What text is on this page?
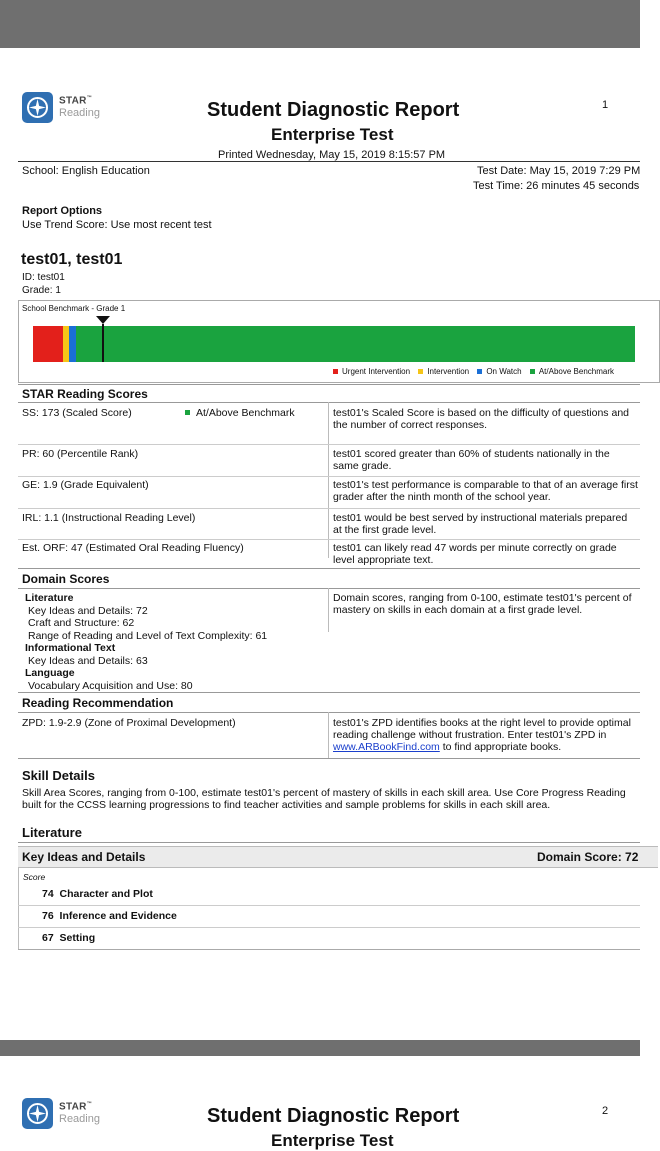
STAR™
Reading	Student Diagnostic Report
Enterprise Test
1
Printed Wednesday, May 15, 2019 8:15:57 PM
School: English Education	Test Date: May 15, 2019 7:29 PM
Test Time: 26 minutes 45 seconds
Report Options
Use Trend Score: Use most recent test
test01, test01
ID: test01
Grade: 1
School Benchmark - Grade 1
Urgent Intervention Intervention On Watch At/Above Benchmark
STAR Reading Scores
SS: 173 (Scaled Score)	At/Above Benchmark	test01's Scaled Score is based on the difficulty of questions and the number of correct responses.
PR: 60 (Percentile Rank)	test01 scored greater than 60% of students nationally in the same grade.
GE: 1.9 (Grade Equivalent)	test01's test performance is comparable to that of an average first grader after the ninth month of the school year.
IRL: 1.1 (Instructional Reading Level)	test01 would be best served by instructional materials prepared at the first grade level.
Est. ORF: 47 (Estimated Oral Reading Fluency)	test01 can likely read 47 words per minute correctly on grade level appropriate text.
Domain Scores
Domain scores, ranging from 0-100, estimate test01's percent of mastery on skills in each domain at a first grade level.
Literature
Key Ideas and Details: 72
Craft and Structure: 62
Range of Reading and Level of Text Complexity: 61
Informational Text
Key Ideas and Details: 63
Language
Vocabulary Acquisition and Use: 80
Reading Recommendation
ZPD: 1.9-2.9 (Zone of Proximal Development)	test01's ZPD identifies books at the right level to provide optimal reading challenge without frustration. Enter test01's ZPD in www.ARBookFind.com to find appropriate books.
Skill Details
Skill Area Scores, ranging from 0-100, estimate test01's percent of mastery of skills in each skill area. Use Core Progress Reading built for the CCSS learning progressions to find teacher activities and sample problems for skills in each skill area.
Literature
Key Ideas and Details	Domain Score: 72
Score
74 Character and Plot
76 Inference and Evidence
67 Setting
STAR™
Reading	Student Diagnostic Report
Enterprise Test
2
